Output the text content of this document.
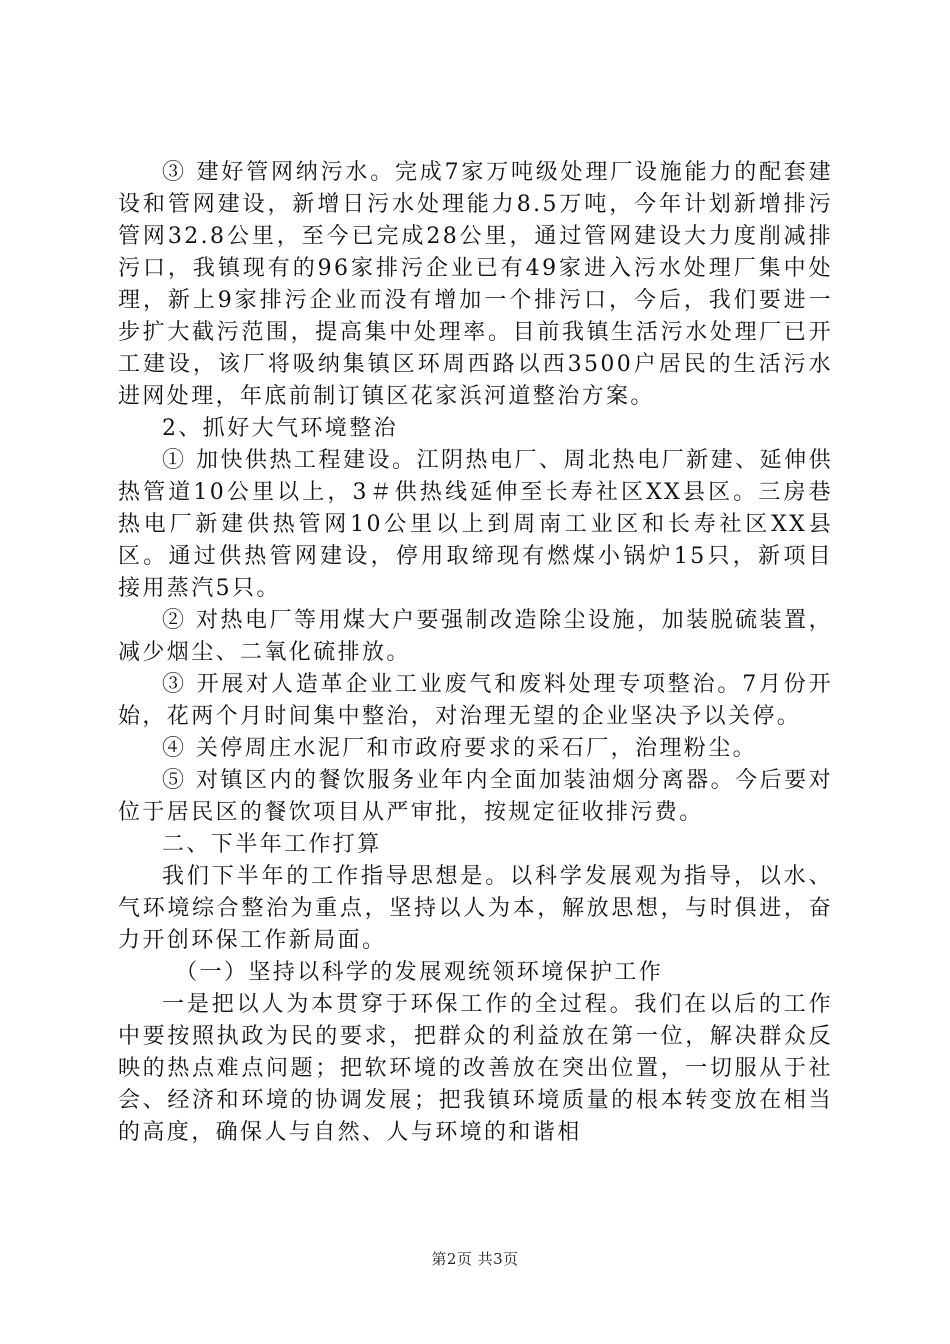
③ 建好管网纳污水。完成7家万吨级处理厂设施能力的配套建设和管网建设，新增日污水处理能力8.5万吨，今年计划新增排污管网32.8公里，至今已完成28公里，通过管网建设大力度削减排污口，我镇现有的96家排污企业已有49家进入污水处理厂集中处理，新上9家排污企业而没有增加一个排污口，今后，我们要进一步扩大截污范围，提高集中处理率。目前我镇生活污水处理厂已开工建设，该厂将吸纳集镇区环周西路以西3500户居民的生活污水进网处理，年底前制订镇区花家浜河道整治方案。

2、抓好大气环境整治

① 加快供热工程建设。江阴热电厂、周北热电厂新建、延伸供热管道10公里以上，3＃供热线延伸至长寿社区XX县区。三房巷热电厂新建供热管网10公里以上到周南工业区和长寿社区XX县区。通过供热管网建设，停用取缔现有燃煤小锅炉15只，新项目接用蒸汽5只。

② 对热电厂等用煤大户要强制改造除尘设施，加装脱硫装置，减少烟尘、二氧化硫排放。

③ 开展对人造革企业工业废气和废料处理专项整治。7月份开始，花两个月时间集中整治，对治理无望的企业坚决予以关停。

④ 关停周庄水泥厂和市政府要求的采石厂，治理粉尘。

⑤ 对镇区内的餐饮服务业年内全面加装油烟分离器。今后要对位于居民区的餐饮项目从严审批，按规定征收排污费。

二、下半年工作打算

我们下半年的工作指导思想是。以科学发展观为指导，以水、气环境综合整治为重点，坚持以人为本，解放思想，与时俱进，奋力开创环保工作新局面。

（一）坚持以科学的发展观统领环境保护工作

一是把以人为本贯穿于环保工作的全过程。我们在以后的工作中要按照执政为民的要求，把群众的利益放在第一位，解决群众反映的热点难点问题；把软环境的改善放在突出位置，一切服从于社会、经济和环境的协调发展；把我镇环境质量的根本转变放在相当的高度，确保人与自然、人与环境的和谐相

第2页 共3页
